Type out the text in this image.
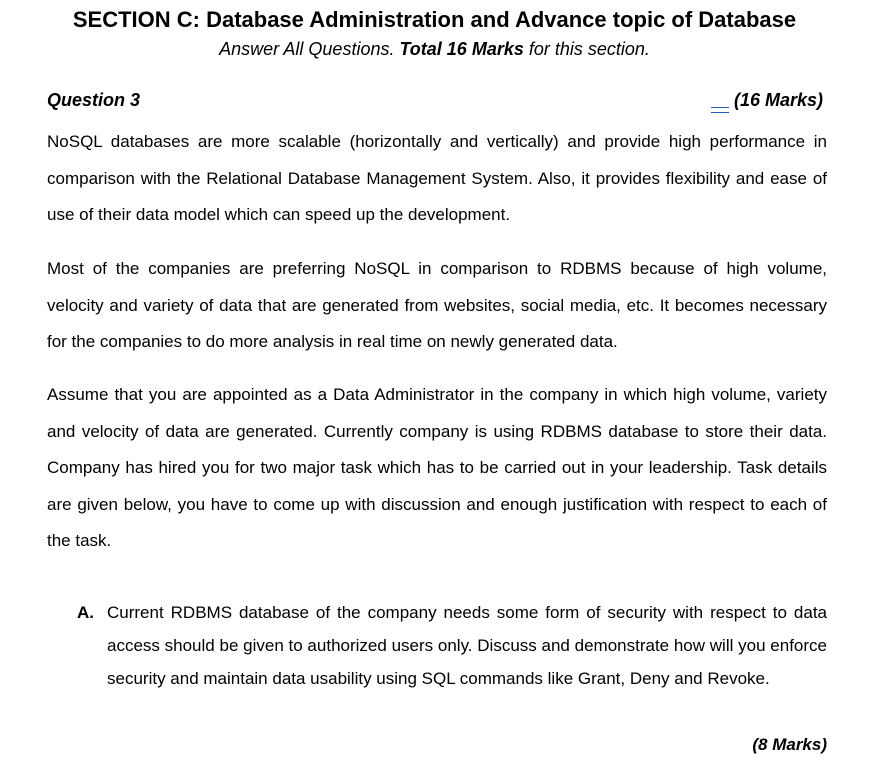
SECTION C: Database Administration and Advance topic of Database
Answer All Questions. Total 16 Marks for this section.
Question 3	(16 Marks)

NoSQL databases are more scalable (horizontally and vertically) and provide high performance in comparison with the Relational Database Management System. Also, it provides flexibility and ease of use of their data model which can speed up the development.

Most of the companies are preferring NoSQL in comparison to RDBMS because of high volume, velocity and variety of data that are generated from websites, social media, etc. It becomes necessary for the companies to do more analysis in real time on newly generated data.

Assume that you are appointed as a Data Administrator in the company in which high volume, variety and velocity of data are generated. Currently company is using RDBMS database to store their data. Company has hired you for two major task which has to be carried out in your leadership. Task details are given below, you have to come up with discussion and enough justification with respect to each of the task.

A. Current RDBMS database of the company needs some form of security with respect to data access should be given to authorized users only. Discuss and demonstrate how will you enforce security and maintain data usability using SQL commands like Grant, Deny and Revoke.
(8 Marks)
